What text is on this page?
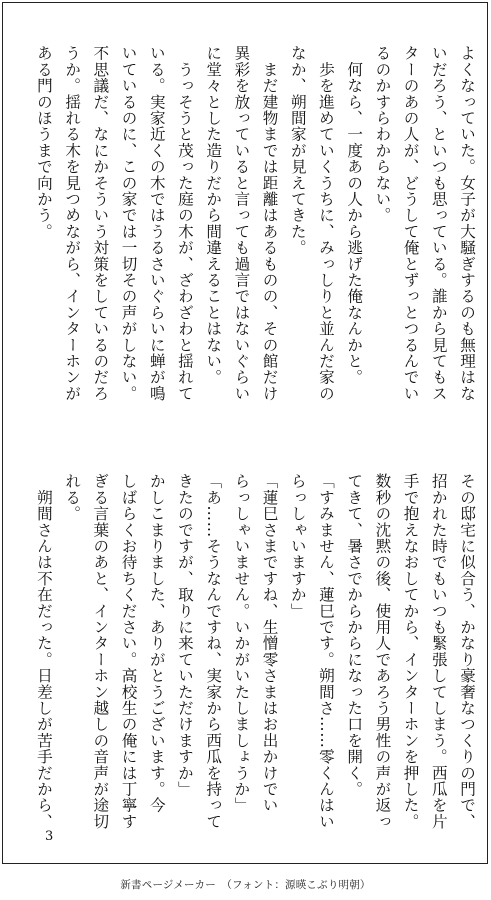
よくなっていた。女子が大騒ぎするのも無理はな
いだろう、といつも思っている。誰から見てもス
ターのあの人が、どうして俺とずっとつるんでい
るのかすらわからない。
　何なら、一度あの人から逃げた俺なんかと。
　歩を進めていくうちに、みっしりと並んだ家の
なか、朔間家が見えてきた。
　まだ建物までは距離はあるものの、その館だけ
異彩を放っていると言っても過言ではないぐらい
に堂々とした造りだから間違えることはない。
　うっそうと茂った庭の木が、ざわざわと揺れて
いる。実家近くの木ではうるさいぐらいに蝉が鳴
いているのに、この家では一切その声がしない。
不思議だ、なにかそういう対策をしているのだろ
うか。揺れる木を見つめながら、インターホンが
ある門のほうまで向かう。
その邸宅に似合う、かなり豪奢なつくりの門で、
招かれた時でもいつも緊張してしまう。西瓜を片
手で抱えなおしてから、インターホンを押した。
数秒の沈黙の後、使用人であろう男性の声が返っ
てきて、暑さでからからになった口を開く。
「すみません、蓮巳です。朔間さ……零くんはい
らっしゃいますか」
「蓮巳さまですね、生憎零さまはお出かけでい
らっしゃいません。いかがいたしましょうか」
「あ……そうなんですね、実家から西瓜を持って
きたのですが、取りに来ていただけますか」
かしこまりました、ありがとうございます。今
しばらくお待ちください。高校生の俺には丁寧す
ぎる言葉のあと、インターホン越しの音声が途切
れる。
　朔間さんは不在だった。日差しが苦手だから、
3
新書ページメーカー　（フォント：源暎こぶり明朝）
